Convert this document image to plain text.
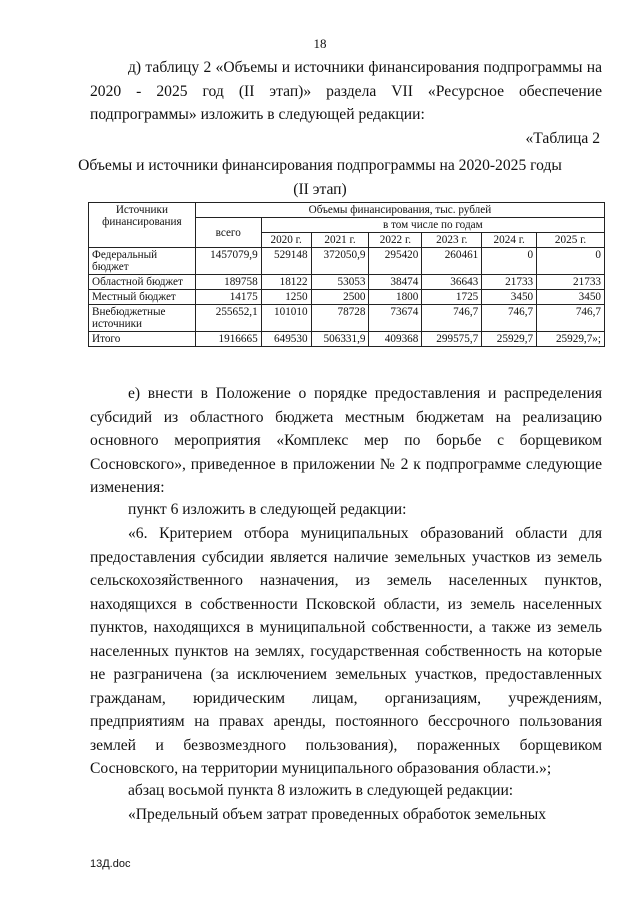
18

д) таблицу 2 «Объемы и источники финансирования подпрограммы на 2020 - 2025 год (II этап)» раздела VII «Ресурсное обеспечение подпрограммы» изложить в следующей редакции:

«Таблица 2
Объемы и источники финансирования подпрограммы на 2020-2025 годы
(II этап)
Источники финансирования	Объемы финансирования, тыс. рублей						
	всего	в том числе по годам					
		2020 г.	2021 г.	2022 г.	2023 г.	2024 г.	2025 г.
Федеральный бюджет	1457079,9	529148	372050,9	295420	260461	0	0
Областной бюджет	189758	18122	53053	38474	36643	21733	21733
Местный бюджет	14175	1250	2500	1800	1725	3450	3450
Внебюджетные источники	255652,1	101010	78728	73674	746,7	746,7	746,7
Итого	1916665	649530	506331,9	409368	299575,7	25929,7	25929,7»;

е) внести в Положение о порядке предоставления и распределения субсидий из областного бюджета местным бюджетам на реализацию основного мероприятия «Комплекс мер по борьбе с борщевиком Сосновского», приведенное в приложении № 2 к подпрограмме следующие изменения:

пункт 6 изложить в следующей редакции:

«6. Критерием отбора муниципальных образований области для предоставления субсидии является наличие земельных участков из земель сельскохозяйственного назначения, из земель населенных пунктов, находящихся в собственности Псковской области, из земель населенных пунктов, находящихся в муниципальной собственности, а также из земель населенных пунктов на землях, государственная собственность на которые не разграничена (за исключением земельных участков, предоставленных гражданам, юридическим лицам, организациям, учреждениям, предприятиям на правах аренды, постоянного бессрочного пользования землей и безвозмездного пользования), пораженных борщевиком Сосновского, на территории муниципального образования области.»;

абзац восьмой пункта 8 изложить в следующей редакции:

«Предельный объем затрат проведенных обработок земельных

13Д.doc
